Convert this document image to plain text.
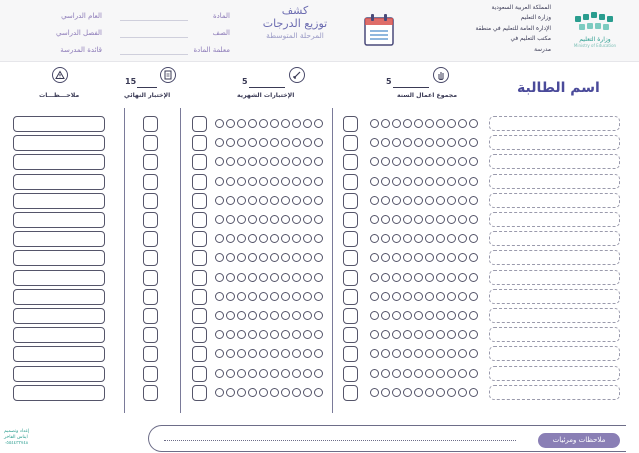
وزارة التعليم
Ministry of Education
المملكة العربية السعودية
وزارة التعليم
الإدارة العامة للتعليم في منطقة
مكتب التعليم في
مدرسة
كشف
توزيع الدرجات
المرحلة المتوسطة
المادة
الصف
معلمة المادة
العام الدراسي
الفصل الدراسي
قائدة المدرسة
اسم الطالبة
5
مجموع اعمال السنة
5
الإختبارات الشهرية
15
الإختبار النهائي
ملاحـــظـــات
إعداد وتصميم
ايناس الفاخر
٠٥٥٤٤٣٣٧٤٨	ملاحظات ومرئيات
